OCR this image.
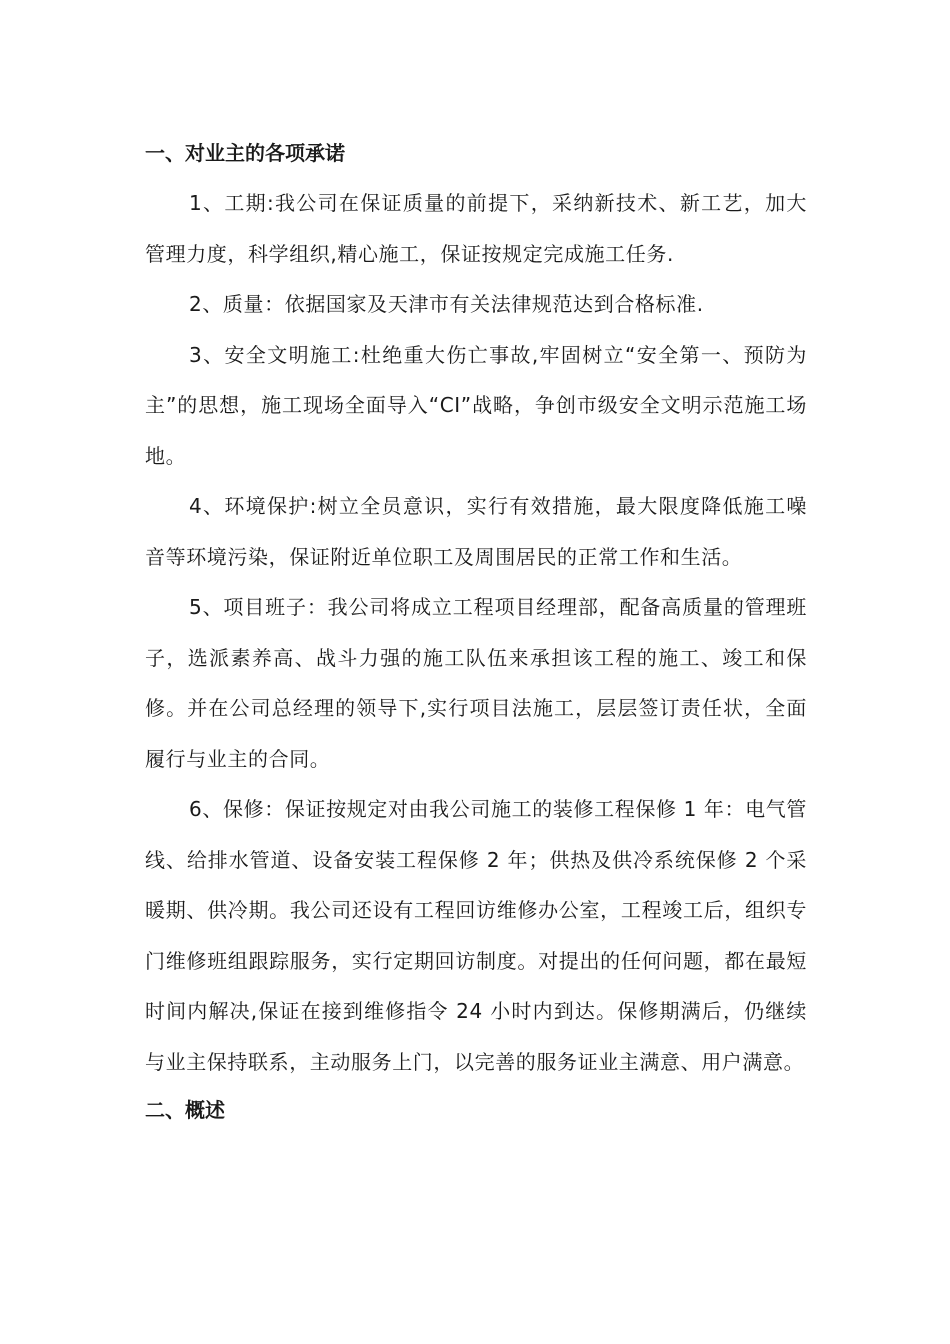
一、对业主的各项承诺

1、工期:我公司在保证质量的前提下，采纳新技术、新工艺，加大管理力度，科学组织,精心施工，保证按规定完成施工任务.

2、质量：依据国家及天津市有关法律规范达到合格标准.

3、安全文明施工:杜绝重大伤亡事故,牢固树立“安全第一、预防为主”的思想，施工现场全面导入“CI”战略，争创市级安全文明示范施工场地。

4、环境保护:树立全员意识，实行有效措施，最大限度降低施工噪音等环境污染，保证附近单位职工及周围居民的正常工作和生活。

5、项目班子：我公司将成立工程项目经理部，配备高质量的管理班子，选派素养高、战斗力强的施工队伍来承担该工程的施工、竣工和保修。并在公司总经理的领导下,实行项目法施工，层层签订责任状，全面履行与业主的合同。

6、保修：保证按规定对由我公司施工的装修工程保修 1 年：电气管线、给排水管道、设备安装工程保修 2 年；供热及供冷系统保修 2 个采暖期、供冷期。我公司还设有工程回访维修办公室，工程竣工后，组织专门维修班组跟踪服务，实行定期回访制度。对提出的任何问题，都在最短时间内解决,保证在接到维修指令 24 小时内到达。保修期满后，仍继续与业主保持联系，主动服务上门，以完善的服务证业主满意、用户满意。

二、概述
